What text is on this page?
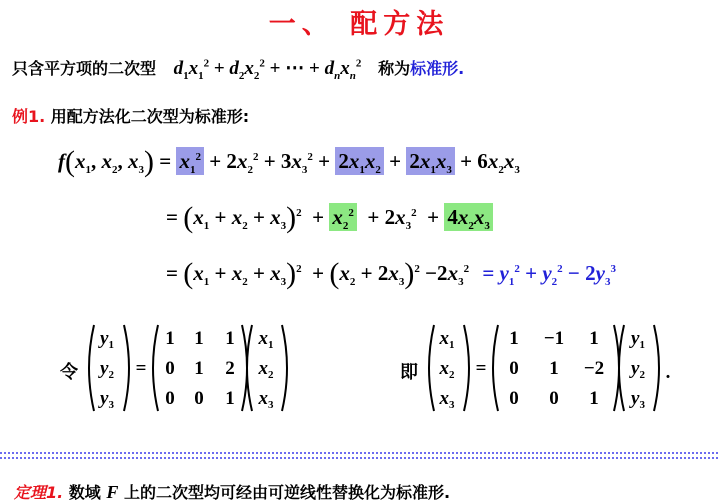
一、 配方法
只含平方项的二次型 $d_1x_1^2 + d_2x_2^2$ + ⋯ + $d_nx_n^2$ 称为标准形.
例1. 用配方法化二次型为标准形:
$f(x_1$, $x_2$, $x_3) = x_1^2 + 2x_2^2 + 3x_3^2 + 2x_1x_2 + 2x_1x_3 + 6x_2x_3$
= $(x_1 + x_2 + x_3)^2 + x_2^2 + 2x_3^2 + 4x_2x_3$
= $(x_1 + x_2 + x_3)^2 + (x_2 + 2x_3)^2 -2x_3^2 = y_1^2 + y_2^2 - 2y_3^3$
令
$y_1$
$y_2$
$y_3$
=
1 1 1
0 1 2
0 0 1
$x_1$
$x_2$
$x_3$
即
$x_1$
$x_2$
$x_3$
=
1 −1 1
0 1 −2
0 0 1
$y_1$
$y_2$
$y_3$
.
定理1. 数域 F 上的二次型均可经由可逆线性替换化为标准形.
